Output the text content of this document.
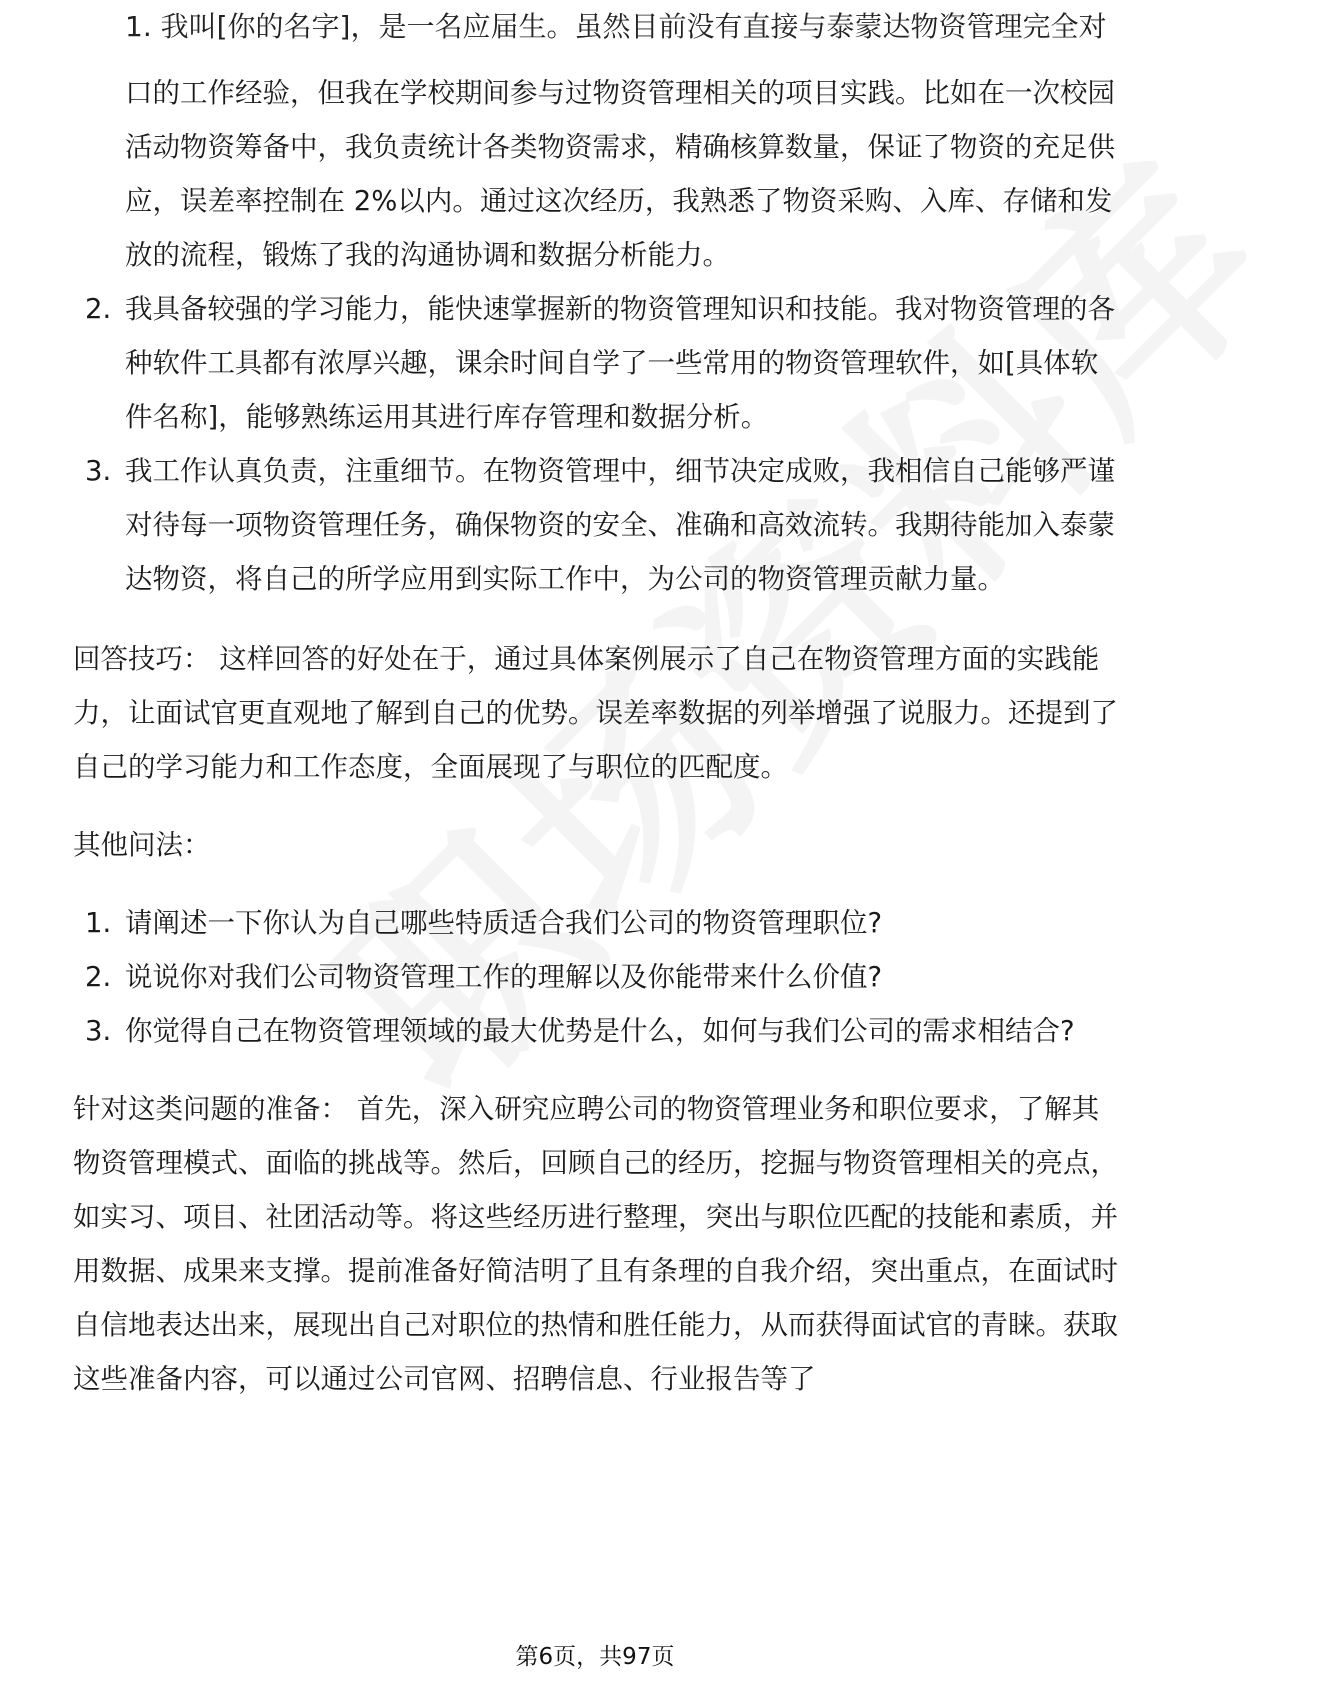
1. 我叫[你的名字]，是一名应届生。虽然目前没有直接与泰蒙达物资管理完全对
口的工作经验，但我在学校期间参与过物资管理相关的项目实践。比如在一次校园活动物资筹备中，我负责统计各类物资需求，精确核算数量，保证了物资的充足供应，误差率控制在 2%以内。通过这次经历，我熟悉了物资采购、入库、存储和发放的流程，锻炼了我的沟通协调和数据分析能力。
2. 我具备较强的学习能力，能快速掌握新的物资管理知识和技能。我对物资管理的各种软件工具都有浓厚兴趣，课余时间自学了一些常用的物资管理软件，如[具体软件名称]，能够熟练运用其进行库存管理和数据分析。
3. 我工作认真负责，注重细节。在物资管理中，细节决定成败，我相信自己能够严谨对待每一项物资管理任务，确保物资的安全、准确和高效流转。我期待能加入泰蒙达物资，将自己的所学应用到实际工作中，为公司的物资管理贡献力量。

回答技巧： 这样回答的好处在于，通过具体案例展示了自己在物资管理方面的实践能力，让面试官更直观地了解到自己的优势。误差率数据的列举增强了说服力。还提到了自己的学习能力和工作态度，全面展现了与职位的匹配度。

其他问法：

1. 请阐述一下你认为自己哪些特质适合我们公司的物资管理职位?
2. 说说你对我们公司物资管理工作的理解以及你能带来什么价值?
3. 你觉得自己在物资管理领域的最大优势是什么，如何与我们公司的需求相结合?

针对这类问题的准备： 首先，深入研究应聘公司的物资管理业务和职位要求，了解其物资管理模式、面临的挑战等。然后，回顾自己的经历，挖掘与物资管理相关的亮点，如实习、项目、社团活动等。将这些经历进行整理，突出与职位匹配的技能和素质，并用数据、成果来支撑。提前准备好简洁明了且有条理的自我介绍，突出重点，在面试时自信地表达出来，展现出自己对职位的热情和胜任能力，从而获得面试官的青睐。获取这些准备内容，可以通过公司官网、招聘信息、行业报告等了

第6页，共97页
